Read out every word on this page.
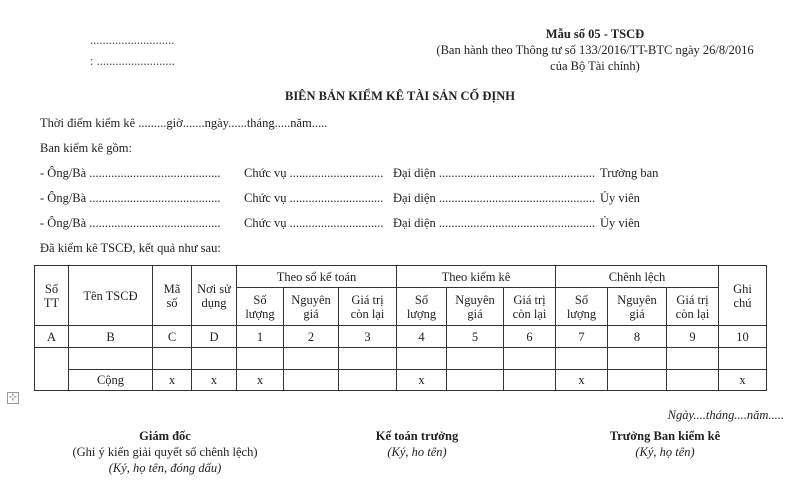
...........................
: .........................
Mẫu số 05 - TSCĐ
(Ban hành theo Thông tư số 133/2016/TT-BTC ngày 26/8/2016
của Bộ Tài chính)
BIÊN BẢN KIỂM KÊ TÀI SẢN CỐ ĐỊNH
Thời điểm kiểm kê .........giờ.......ngày......tháng.....năm.....
Ban kiểm kê gồm:
- Ông/Bà .......................................... Chức vụ .............................. Đại diện .................................................. Trưởng ban
- Ông/Bà .......................................... Chức vụ .............................. Đại diện .................................................. Ủy viên
- Ông/Bà .......................................... Chức vụ .............................. Đại diện .................................................. Ủy viên
Đã kiểm kê TSCĐ, kết quả như sau:
Số TT	Tên TSCĐ	Mã số	Nơi sử dụng	Theo sổ kế toán			Theo kiểm kê			Chênh lệch			Ghi chú
				Số lượng	Nguyên giá	Giá trị còn lại	Số lượng	Nguyên giá	Giá trị còn lại	Số lượng	Nguyên giá	Giá trị còn lại	
A	B	C	D	1	2	3	4	5	6	7	8	9	10

	Cộng	x	x	x			x			x			x
⊹
Ngày....tháng....năm.....
Giám đốc
(Ghi ý kiến giải quyết số chênh lệch)
(Ký, họ tên, đóng dấu)
Kế toán trưởng
(Ký, ho tên)
Trưởng Ban kiểm kê
(Ký, họ tên)
